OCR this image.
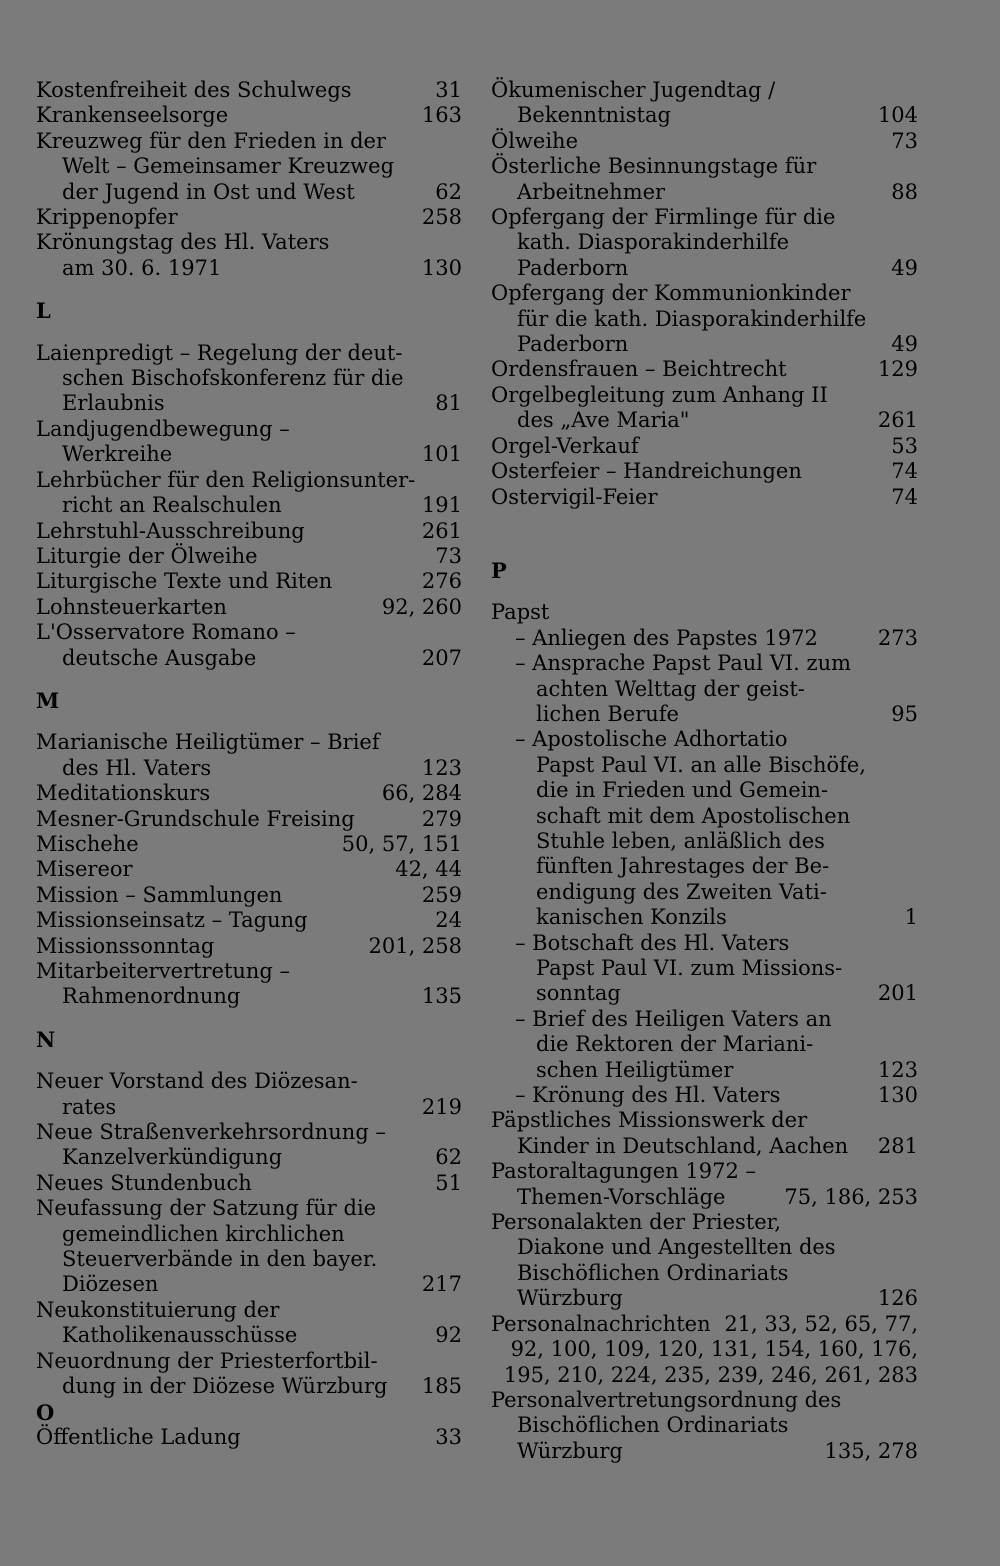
Kostenfreiheit des Schulwegs	31
Krankenseelsorge	163
Kreuzweg für den Frieden in der
Welt – Gemeinsamer Kreuzweg
der Jugend in Ost und West	62
Krippenopfer	258
Krönungstag des Hl. Vaters
am 30. 6. 1971	130
L
Laienpredigt – Regelung der deut-
schen Bischofskonferenz für die
Erlaubnis	81
Landjugendbewegung –
Werkreihe	101
Lehrbücher für den Religionsunter-
richt an Realschulen	191
Lehrstuhl-Ausschreibung	261
Liturgie der Ölweihe	73
Liturgische Texte und Riten	276
Lohnsteuerkarten	92, 260
L'Osservatore Romano –
deutsche Ausgabe	207
M
Marianische Heiligtümer – Brief
des Hl. Vaters	123
Meditationskurs	66, 284
Mesner-Grundschule Freising	279
Mischehe	50, 57, 151
Misereor	42, 44
Mission – Sammlungen	259
Missionseinsatz – Tagung	24
Missionssonntag	201, 258
Mitarbeitervertretung –
Rahmenordnung	135
N
Neuer Vorstand des Diözesan-
rates	219
Neue Straßenverkehrsordnung –
Kanzelverkündigung	62
Neues Stundenbuch	51
Neufassung der Satzung für die
gemeindlichen kirchlichen
Steuerverbände in den bayer.
Diözesen	217
Neukonstituierung der
Katholikenausschüsse	92
Neuordnung der Priesterfortbil-
dung in der Diözese Würzburg	185
O
Öffentliche Ladung	33
Ökumenischer Jugendtag /
Bekenntnistag	104
Ölweihe	73
Österliche Besinnungstage für
Arbeitnehmer	88
Opfergang der Firmlinge für die
kath. Diasporakinderhilfe
Paderborn	49
Opfergang der Kommunionkinder
für die kath. Diasporakinderhilfe
Paderborn	49
Ordensfrauen – Beichtrecht	129
Orgelbegleitung zum Anhang II
des „Ave Maria"	261
Orgel-Verkauf	53
Osterfeier – Handreichungen	74
Ostervigil-Feier	74
P
Papst
– Anliegen des Papstes 1972	273
– Ansprache Papst Paul VI. zum
achten Welttag der geist-
lichen Berufe	95
– Apostolische Adhortatio
Papst Paul VI. an alle Bischöfe,
die in Frieden und Gemein-
schaft mit dem Apostolischen
Stuhle leben, anläßlich des
fünften Jahrestages der Be-
endigung des Zweiten Vati-
kanischen Konzils	1
– Botschaft des Hl. Vaters
Papst Paul VI. zum Missions-
sonntag	201
– Brief des Heiligen Vaters an
die Rektoren der Mariani-
schen Heiligtümer	123
– Krönung des Hl. Vaters	130
Päpstliches Missionswerk der
Kinder in Deutschland, Aachen	281
Pastoraltagungen 1972 –
Themen-Vorschläge	75, 186, 253
Personalakten der Priester,
Diakone und Angestellten des
Bischöflichen Ordinariats
Würzburg	126
Personalnachrichten 21, 33, 52, 65, 77,
92, 100, 109, 120, 131, 154, 160, 176,
195, 210, 224, 235, 239, 246, 261, 283
Personalvertretungsordnung des
Bischöflichen Ordinariats
Würzburg	135, 278
